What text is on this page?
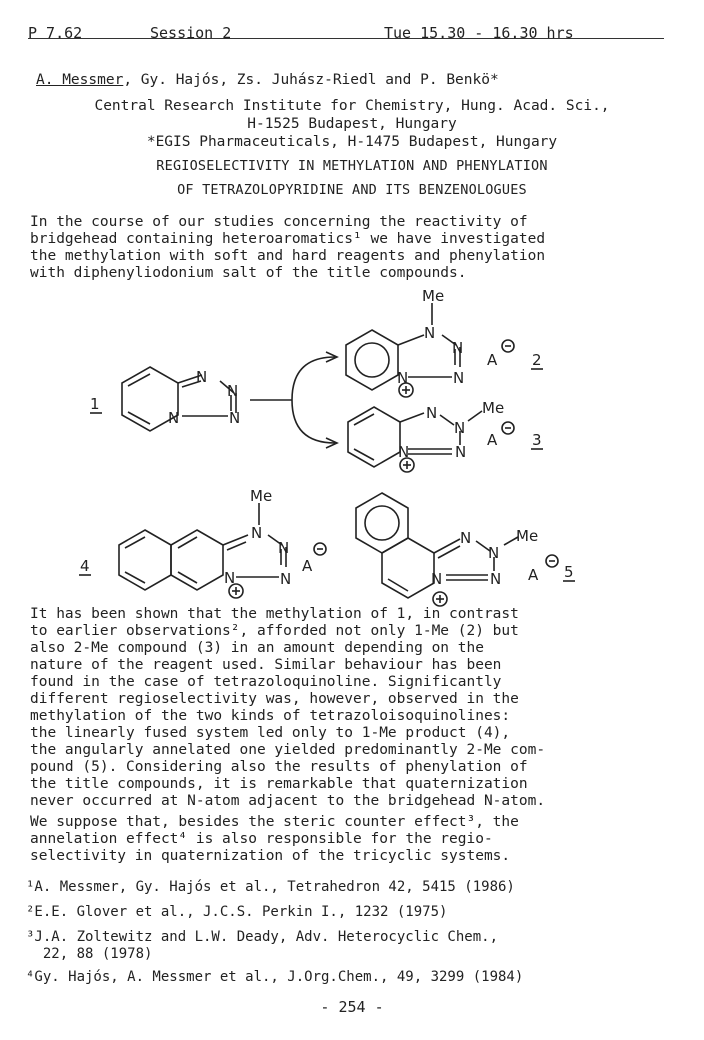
P 7.62

	Session 2

	Tue 15.30 - 16.30 hrs

A. Messmer, Gy. Hajós, Zs. Juhász-Riedl and P. Benkö*
Central Research Institute for Chemistry, Hung. Acad. Sci.,
H-1525 Budapest, Hungary
*EGIS Pharmaceuticals, H-1475 Budapest, Hungary
REGIOSELECTIVITY IN METHYLATION AND PHENYLATION
OF TETRAZOLOPYRIDINE AND ITS BENZENOLOGUES
In the course of our studies concerning the reactivity of
bridgehead containing heteroaromatics¹ we have investigated
the methylation with soft and hard reagents and phenylation
with diphenyliodonium salt of the title compounds.
N
N
N
N
1
Me
N
N
N
N
A 2
N
N
Me
N
N
A 3
Me
N
N
N
N
A
4
N
N
Me
N
N	A 5
It has been shown that the methylation of 1, in contrast
to earlier observations², afforded not only 1-Me (2) but
also 2-Me compound (3) in an amount depending on the
nature of the reagent used. Similar behaviour has been
found in the case of tetrazoloquinoline. Significantly
different regioselectivity was, however, observed in the
methylation of the two kinds of tetrazoloisoquinolines:
the linearly fused system led only to 1-Me product (4),
the angularly annelated one yielded predominantly 2-Me com-
pound (5). Considering also the results of phenylation of
the title compounds, it is remarkable that quaternization
never occurred at N-atom adjacent to the bridgehead N-atom.
We suppose that, besides the steric counter effect³, the
annelation effect⁴ is also responsible for the regio-
selectivity in quaternization of the tricyclic systems.
¹A. Messmer, Gy. Hajós et al., Tetrahedron 42, 5415 (1986)
²E.E. Glover et al., J.C.S. Perkin I., 1232 (1975)
³J.A. Zoltewitz and L.W. Deady, Adv. Heterocyclic Chem.,
22, 88 (1978)
⁴Gy. Hajós, A. Messmer et al., J.Org.Chem., 49, 3299 (1984)
- 254 -
